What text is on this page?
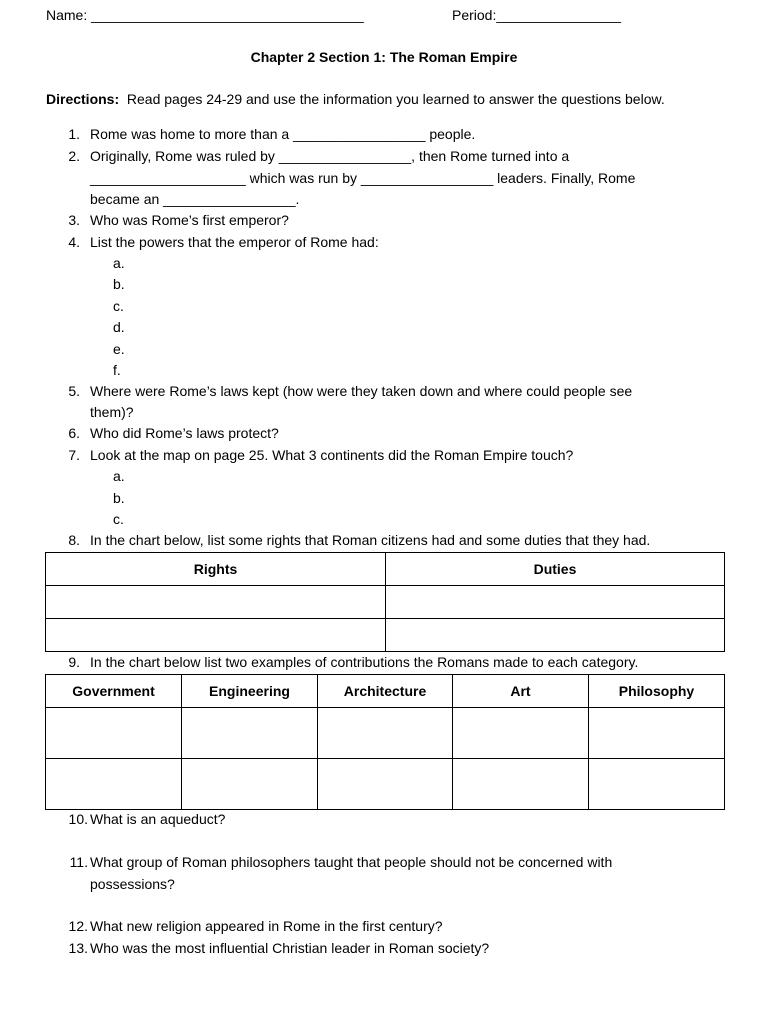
Name: ___________________________________	Period:________________
Chapter 2 Section 1: The Roman Empire
Directions: Read pages 24-29 and use the information you learned to answer the questions below.
1. Rome was home to more than a _________________ people.
2. Originally, Rome was ruled by _________________, then Rome turned into a
____________________ which was run by _________________ leaders. Finally, Rome
became an _________________.
3. Who was Rome’s first emperor?
4. List the powers that the emperor of Rome had:
a.
b.
c.
d.
e.
f.
5. Where were Rome’s laws kept (how were they taken down and where could people see
them)?
6. Who did Rome’s laws protect?
7. Look at the map on page 25. What 3 continents did the Roman Empire touch?
a.
b.
c.
8. In the chart below, list some rights that Roman citizens had and some duties that they had.
Rights	Duties

9. In the chart below list two examples of contributions the Romans made to each category.
Government	Engineering	Architecture	Art	Philosophy

10. What is an aqueduct?
11. What group of Roman philosophers taught that people should not be concerned with
possessions?
12. What new religion appeared in Rome in the first century?
13. Who was the most influential Christian leader in Roman society?
